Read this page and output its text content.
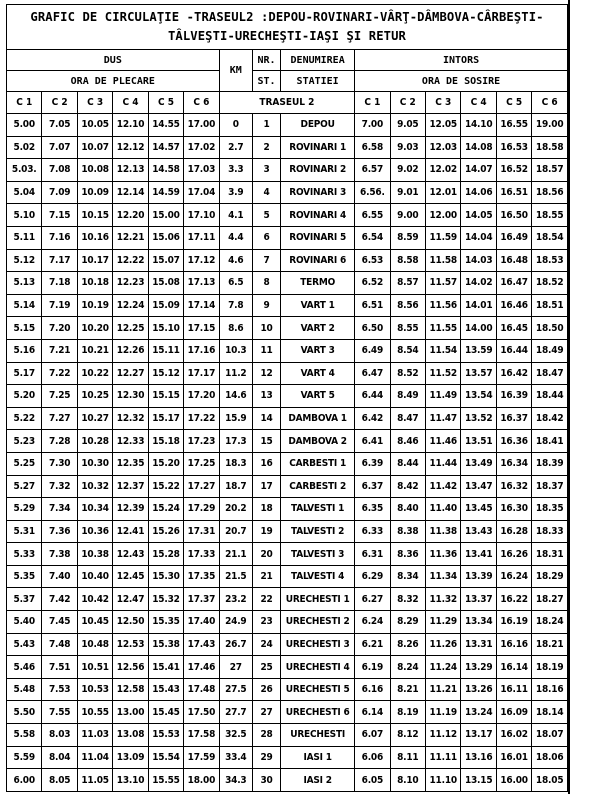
GRAFIC DE CIRCULAŢIE -TRASEUL2 :DEPOU-ROVINARI-VÂRŢ-DÂMBOVA-CÂRBEŞTI-TÂLVEŞTI-URECHEŞTI-IAŞI ŞI RETUR														
DUS						KM	NR.	DENUMIREA	INTORS					
ORA DE PLECARE							ST.	STATIEI	ORA DE SOSIRE					
C 1	C 2	C 3	C 4	C 5	C 6	TRASEUL 2			C 1	C 2	C 3	C 4	C 5	C 6
5.00	7.05	10.05	12.10	14.55	17.00	0	1	DEPOU	7.00	9.05	12.05	14.10	16.55	19.00
5.02	7.07	10.07	12.12	14.57	17.02	2.7	2	ROVINARI 1	6.58	9.03	12.03	14.08	16.53	18.58
5.03.	7.08	10.08	12.13	14.58	17.03	3.3	3	ROVINARI 2	6.57	9.02	12.02	14.07	16.52	18.57
5.04	7.09	10.09	12.14	14.59	17.04	3.9	4	ROVINARI 3	6.56.	9.01	12.01	14.06	16.51	18.56
5.10	7.15	10.15	12.20	15.00	17.10	4.1	5	ROVINARI 4	6.55	9.00	12.00	14.05	16.50	18.55
5.11	7.16	10.16	12.21	15.06	17.11	4.4	6	ROVINARI 5	6.54	8.59	11.59	14.04	16.49	18.54
5.12	7.17	10.17	12.22	15.07	17.12	4.6	7	ROVINARI 6	6.53	8.58	11.58	14.03	16.48	18.53
5.13	7.18	10.18	12.23	15.08	17.13	6.5	8	TERMO	6.52	8.57	11.57	14.02	16.47	18.52
5.14	7.19	10.19	12.24	15.09	17.14	7.8	9	VART 1	6.51	8.56	11.56	14.01	16.46	18.51
5.15	7.20	10.20	12.25	15.10	17.15	8.6	10	VART 2	6.50	8.55	11.55	14.00	16.45	18.50
5.16	7.21	10.21	12.26	15.11	17.16	10.3	11	VART 3	6.49	8.54	11.54	13.59	16.44	18.49
5.17	7.22	10.22	12.27	15.12	17.17	11.2	12	VART 4	6.47	8.52	11.52	13.57	16.42	18.47
5.20	7.25	10.25	12.30	15.15	17.20	14.6	13	VART 5	6.44	8.49	11.49	13.54	16.39	18.44
5.22	7.27	10.27	12.32	15.17	17.22	15.9	14	DAMBOVA 1	6.42	8.47	11.47	13.52	16.37	18.42
5.23	7.28	10.28	12.33	15.18	17.23	17.3	15	DAMBOVA 2	6.41	8.46	11.46	13.51	16.36	18.41
5.25	7.30	10.30	12.35	15.20	17.25	18.3	16	CARBESTI 1	6.39	8.44	11.44	13.49	16.34	18.39
5.27	7.32	10.32	12.37	15.22	17.27	18.7	17	CARBESTI 2	6.37	8.42	11.42	13.47	16.32	18.37
5.29	7.34	10.34	12.39	15.24	17.29	20.2	18	TALVESTI 1	6.35	8.40	11.40	13.45	16.30	18.35
5.31	7.36	10.36	12.41	15.26	17.31	20.7	19	TALVESTI 2	6.33	8.38	11.38	13.43	16.28	18.33
5.33	7.38	10.38	12.43	15.28	17.33	21.1	20	TALVESTI 3	6.31	8.36	11.36	13.41	16.26	18.31
5.35	7.40	10.40	12.45	15.30	17.35	21.5	21	TALVESTI 4	6.29	8.34	11.34	13.39	16.24	18.29
5.37	7.42	10.42	12.47	15.32	17.37	23.2	22	URECHESTI 1	6.27	8.32	11.32	13.37	16.22	18.27
5.40	7.45	10.45	12.50	15.35	17.40	24.9	23	URECHESTI 2	6.24	8.29	11.29	13.34	16.19	18.24
5.43	7.48	10.48	12.53	15.38	17.43	26.7	24	URECHESTI 3	6.21	8.26	11.26	13.31	16.16	18.21
5.46	7.51	10.51	12.56	15.41	17.46	27	25	URECHESTI 4	6.19	8.24	11.24	13.29	16.14	18.19
5.48	7.53	10.53	12.58	15.43	17.48	27.5	26	URECHESTI 5	6.16	8.21	11.21	13.26	16.11	18.16
5.50	7.55	10.55	13.00	15.45	17.50	27.7	27	URECHESTI 6	6.14	8.19	11.19	13.24	16.09	18.14
5.58	8.03	11.03	13.08	15.53	17.58	32.5	28	URECHESTI	6.07	8.12	11.12	13.17	16.02	18.07
5.59	8.04	11.04	13.09	15.54	17.59	33.4	29	IASI 1	6.06	8.11	11.11	13.16	16.01	18.06
6.00	8.05	11.05	13.10	15.55	18.00	34.3	30	IASI 2	6.05	8.10	11.10	13.15	16.00	18.05
